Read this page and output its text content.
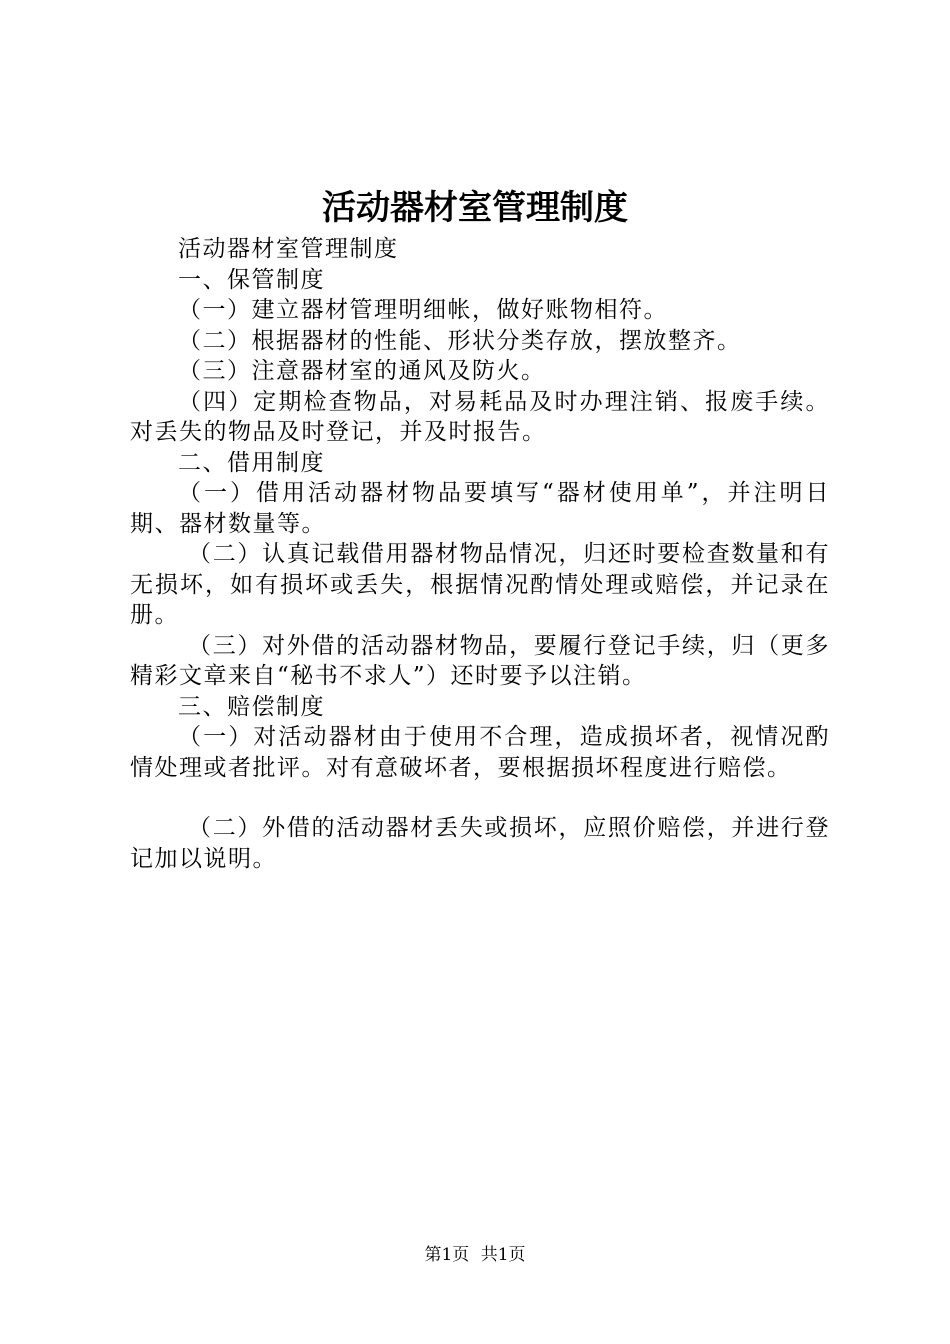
活动器材室管理制度

活动器材室管理制度

一、保管制度

（一）建立器材管理明细帐，做好账物相符。

（二）根据器材的性能、形状分类存放，摆放整齐。

（三）注意器材室的通风及防火。

（四）定期检查物品，对易耗品及时办理注销、报废手续。对丢失的物品及时登记，并及时报告。

二、借用制度

（一）借用活动器材物品要填写“器材使用单”，并注明日期、器材数量等。

（二）认真记载借用器材物品情况，归还时要检查数量和有无损坏，如有损坏或丢失，根据情况酌情处理或赔偿，并记录在册。

（三）对外借的活动器材物品，要履行登记手续，归（更多精彩文章来自“秘书不求人”）还时要予以注销。

三、赔偿制度

（一）对活动器材由于使用不合理，造成损坏者，视情况酌情处理或者批评。对有意破坏者，要根据损坏程度进行赔偿。

（二）外借的活动器材丢失或损坏，应照价赔偿，并进行登记加以说明。

第1页 共1页
